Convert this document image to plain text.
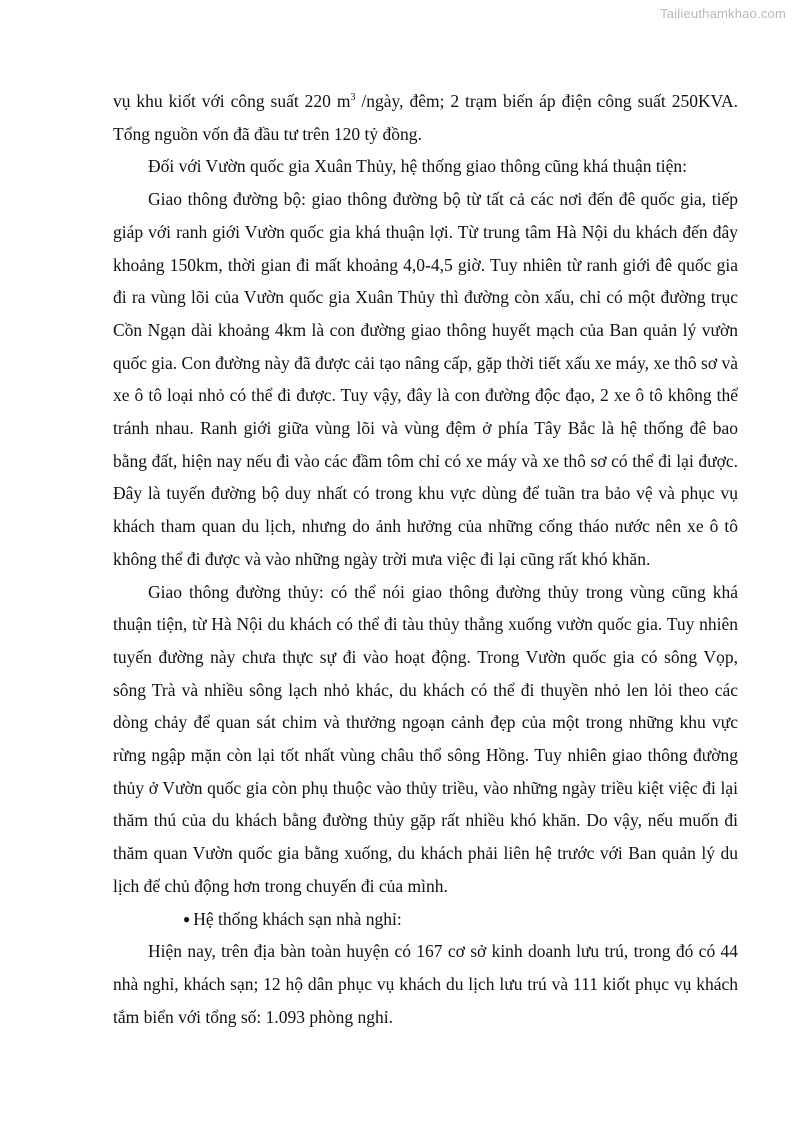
Tailieuthamkhao.com

vụ khu kiốt với công suất 220 $m^3$ /ngày, đêm; 2 trạm biến áp điện công suất 250KVA. Tổng nguồn vốn đã đầu tư trên 120 tỷ đồng.

Đối với Vườn quốc gia Xuân Thủy, hệ thống giao thông cũng khá thuận tiện:

Giao thông đường bộ: giao thông đường bộ từ tất cả các nơi đến đê quốc gia, tiếp giáp với ranh giới Vườn quốc gia khá thuận lợi. Từ trung tâm Hà Nội du khách đến đây khoảng 150km, thời gian đi mất khoảng 4,0-4,5 giờ. Tuy nhiên từ ranh giới đê quốc gia đi ra vùng lõi của Vườn quốc gia Xuân Thủy thì đường còn xấu, chỉ có một đường trục Cồn Ngạn dài khoảng 4km là con đường giao thông huyết mạch của Ban quản lý vườn quốc gia. Con đường này đã được cải tạo nâng cấp, gặp thời tiết xấu xe máy, xe thô sơ và xe ô tô loại nhỏ có thể đi được. Tuy vậy, đây là con đường độc đạo, 2 xe ô tô không thể tránh nhau. Ranh giới giữa vùng lõi và vùng đệm ở phía Tây Bắc là hệ thống đê bao bằng đất, hiện nay nếu đi vào các đầm tôm chỉ có xe máy và xe thô sơ có thể đi lại được. Đây là tuyến đường bộ duy nhất có trong khu vực dùng để tuần tra bảo vệ và phục vụ khách tham quan du lịch, nhưng do ảnh hưởng của những cống tháo nước nên xe ô tô không thể đi được và vào những ngày trời mưa việc đi lại cũng rất khó khăn.

Giao thông đường thủy: có thể nói giao thông đường thủy trong vùng cũng khá thuận tiện, từ Hà Nội du khách có thể đi tàu thủy thẳng xuống vườn quốc gia. Tuy nhiên tuyến đường này chưa thực sự đi vào hoạt động. Trong Vườn quốc gia có sông Vọp, sông Trà và nhiều sông lạch nhỏ khác, du khách có thể đi thuyền nhỏ len lỏi theo các dòng chảy để quan sát chim và thưởng ngoạn cảnh đẹp của một trong những khu vực rừng ngập mặn còn lại tốt nhất vùng châu thổ sông Hồng. Tuy nhiên giao thông đường thủy ở Vườn quốc gia còn phụ thuộc vào thủy triều, vào những ngày triều kiệt việc đi lại thăm thú của du khách bằng đường thủy gặp rất nhiều khó khăn. Do vậy, nếu muốn đi thăm quan Vườn quốc gia bằng xuống, du khách phải liên hệ trước với Ban quản lý du lịch để chủ động hơn trong chuyến đi của mình.

● Hệ thống khách sạn nhà nghỉ:

Hiện nay, trên địa bàn toàn huyện có 167 cơ sở kinh doanh lưu trú, trong đó có 44 nhà nghỉ, khách sạn; 12 hộ dân phục vụ khách du lịch lưu trú và 111 kiốt phục vụ khách tắm biển với tổng số: 1.093 phòng nghỉ.
